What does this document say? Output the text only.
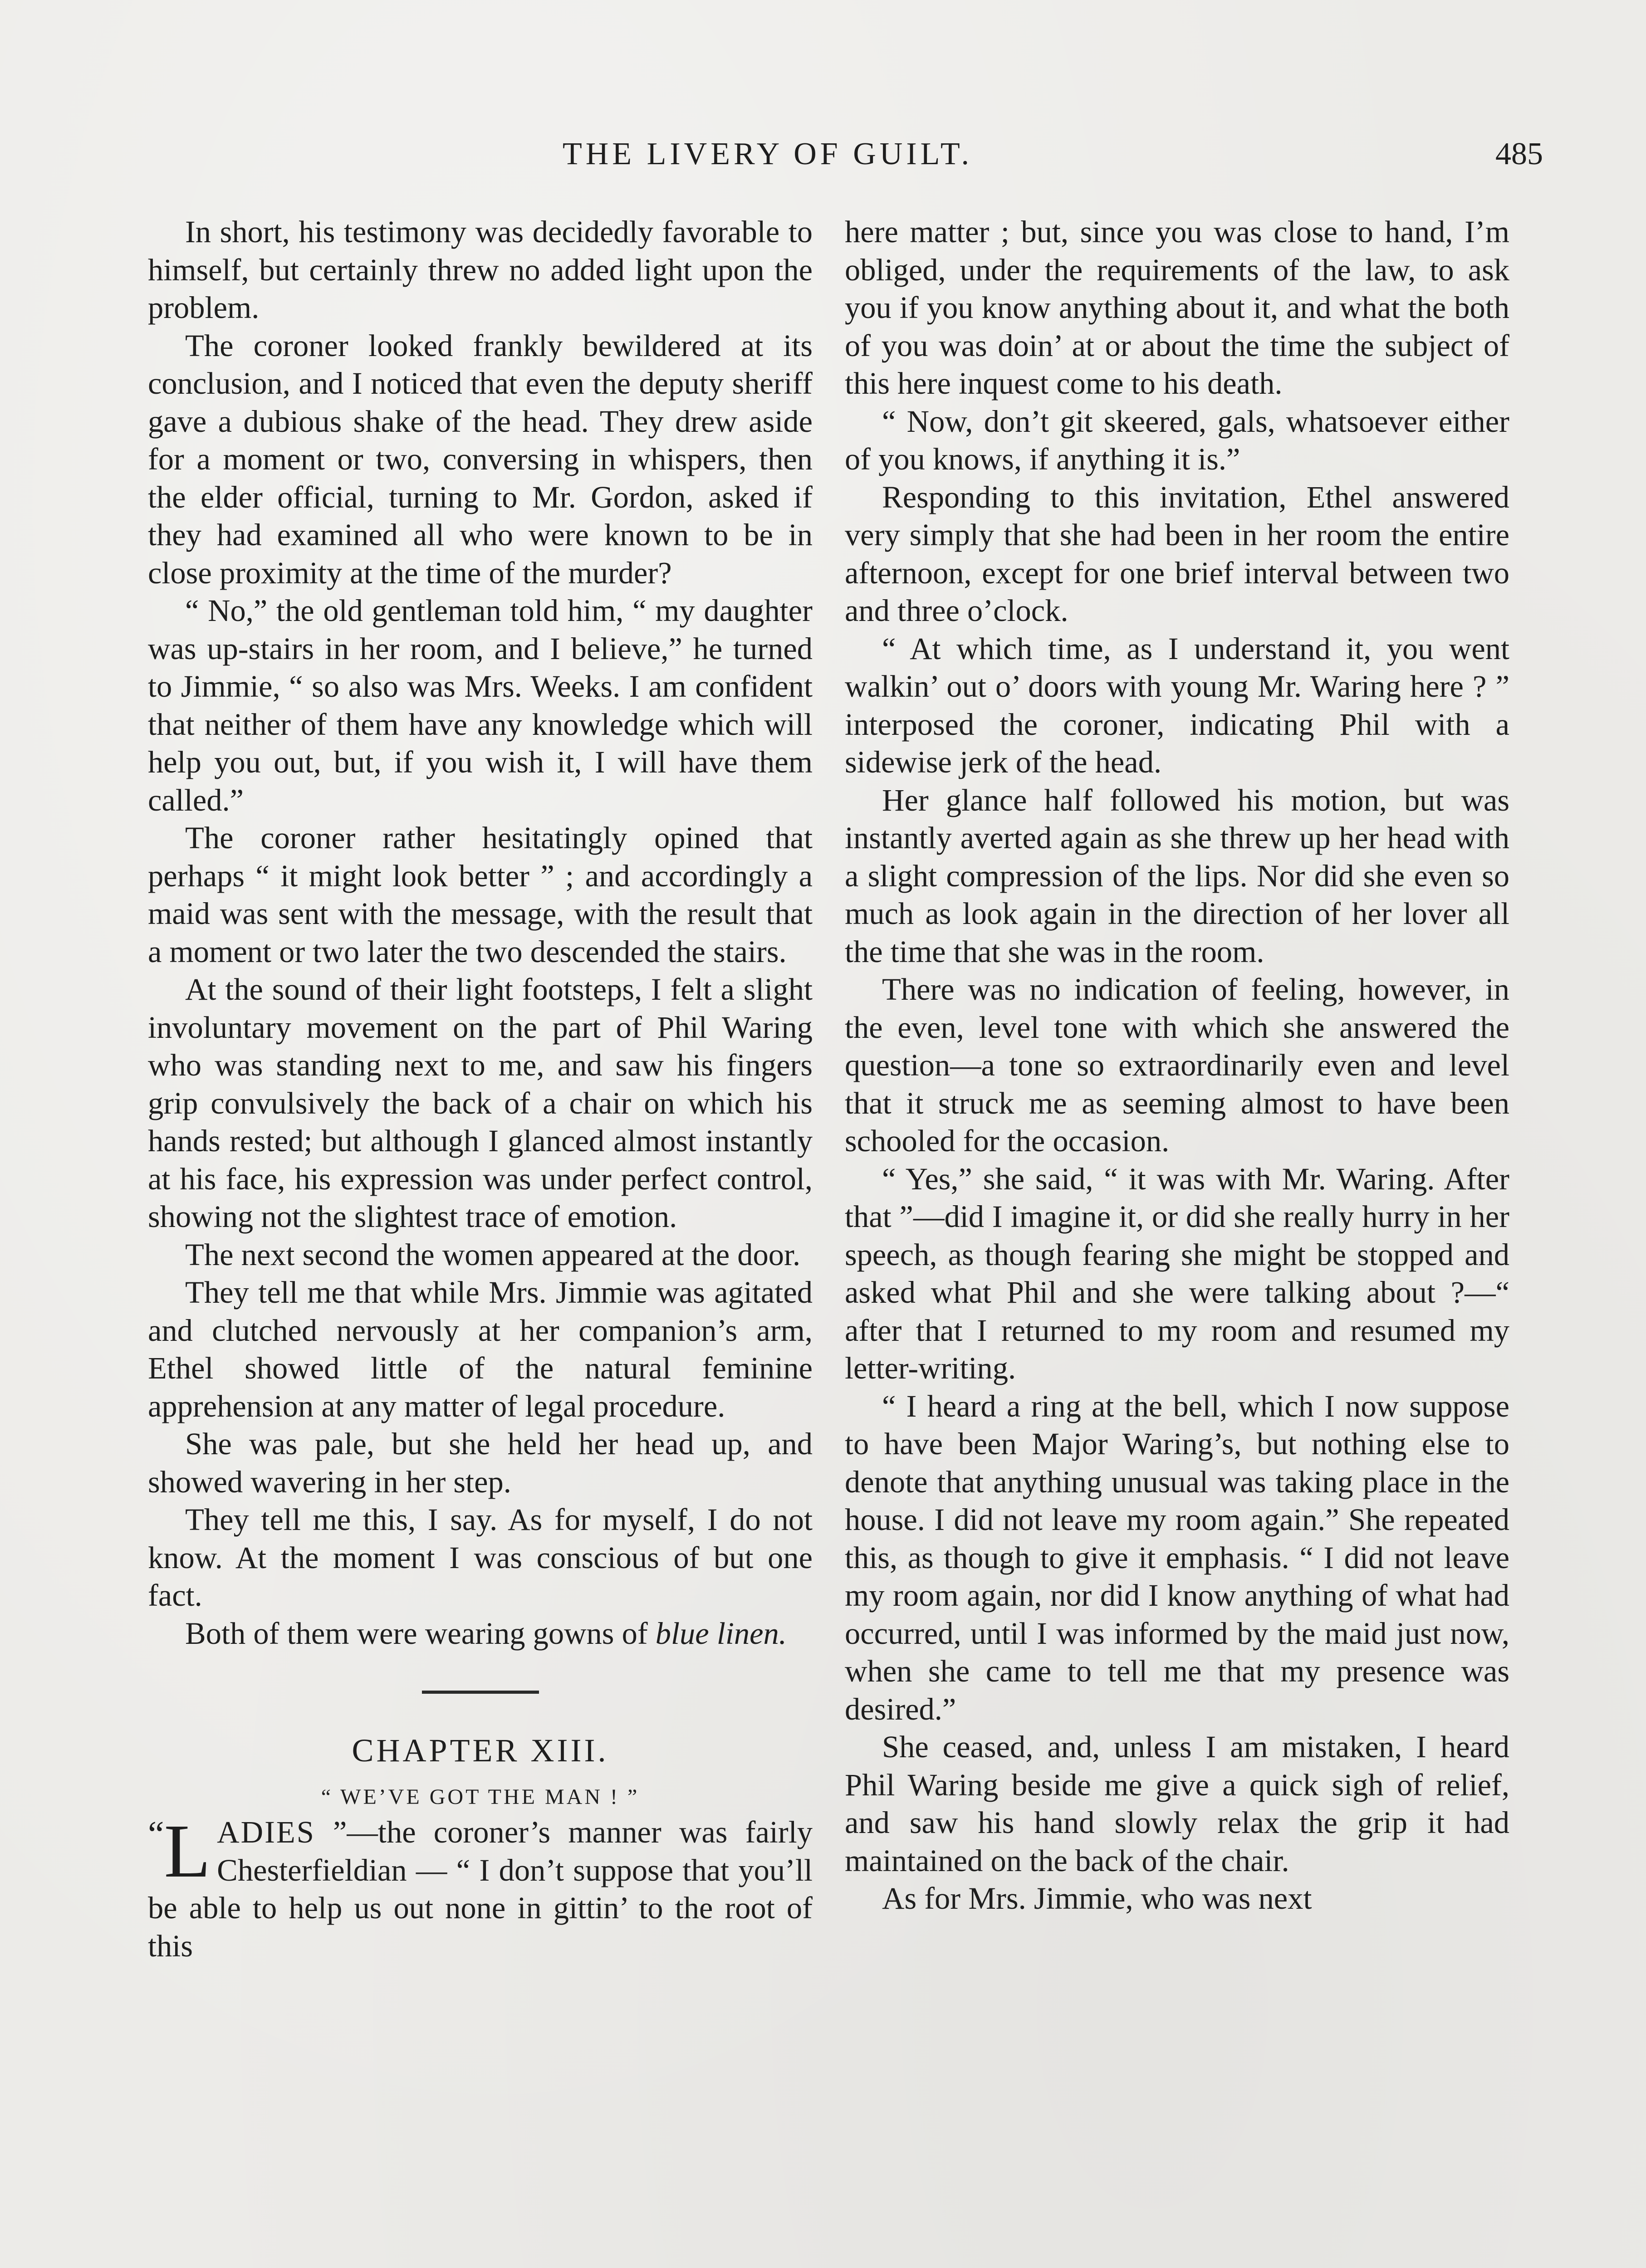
THE LIVERY OF GUILT.	485

In short, his testimony was decidedly favorable to himself, but certainly threw no added light upon the problem.

The coroner looked frankly bewildered at its conclusion, and I noticed that even the deputy sheriff gave a dubious shake of the head. They drew aside for a moment or two, conversing in whispers, then the elder official, turning to Mr. Gordon, asked if they had examined all who were known to be in close proximity at the time of the murder?

“ No,” the old gentleman told him, “ my daughter was up-stairs in her room, and I believe,” he turned to Jimmie, “ so also was Mrs. Weeks. I am confident that neither of them have any knowledge which will help you out, but, if you wish it, I will have them called.”

The coroner rather hesitatingly opined that perhaps “ it might look better ” ; and accordingly a maid was sent with the message, with the result that a moment or two later the two descended the stairs.

At the sound of their light footsteps, I felt a slight involuntary movement on the part of Phil Waring who was standing next to me, and saw his fingers grip convulsively the back of a chair on which his hands rested; but although I glanced almost instantly at his face, his expression was under perfect control, showing not the slightest trace of emotion.

The next second the women appeared at the door.

They tell me that while Mrs. Jimmie was agitated and clutched nervously at her companion’s arm, Ethel showed little of the natural feminine apprehension at any matter of legal procedure.

She was pale, but she held her head up, and showed wavering in her step.

They tell me this, I say. As for myself, I do not know. At the moment I was conscious of but one fact.

Both of them were wearing gowns of blue linen.

CHAPTER XIII.
“ WE’VE GOT THE MAN ! ”

“ L ADIES ”—the coroner’s manner was fairly Chesterfieldian — “ I don’t suppose that you’ll be able to help us out none in gittin’ to the root of this

here matter ; but, since you was close to hand, I’m obliged, under the requirements of the law, to ask you if you know anything about it, and what the both of you was doin’ at or about the time the subject of this here inquest come to his death.

“ Now, don’t git skeered, gals, whatsoever either of you knows, if anything it is.”

Responding to this invitation, Ethel answered very simply that she had been in her room the entire afternoon, except for one brief interval between two and three o’clock.

“ At which time, as I understand it, you went walkin’ out o’ doors with young Mr. Waring here ? ” interposed the coroner, indicating Phil with a sidewise jerk of the head.

Her glance half followed his motion, but was instantly averted again as she threw up her head with a slight compression of the lips. Nor did she even so much as look again in the direction of her lover all the time that she was in the room.

There was no indication of feeling, however, in the even, level tone with which she answered the question—a tone so extraordinarily even and level that it struck me as seeming almost to have been schooled for the occasion.

“ Yes,” she said, “ it was with Mr. Waring. After that ”—did I imagine it, or did she really hurry in her speech, as though fearing she might be stopped and asked what Phil and she were talking about ?—“ after that I returned to my room and resumed my letter-writing.

“ I heard a ring at the bell, which I now suppose to have been Major Waring’s, but nothing else to denote that anything unusual was taking place in the house. I did not leave my room again.” She repeated this, as though to give it emphasis. “ I did not leave my room again, nor did I know anything of what had occurred, until I was informed by the maid just now, when she came to tell me that my presence was desired.”

She ceased, and, unless I am mistaken, I heard Phil Waring beside me give a quick sigh of relief, and saw his hand slowly relax the grip it had maintained on the back of the chair.

As for Mrs. Jimmie, who was next
